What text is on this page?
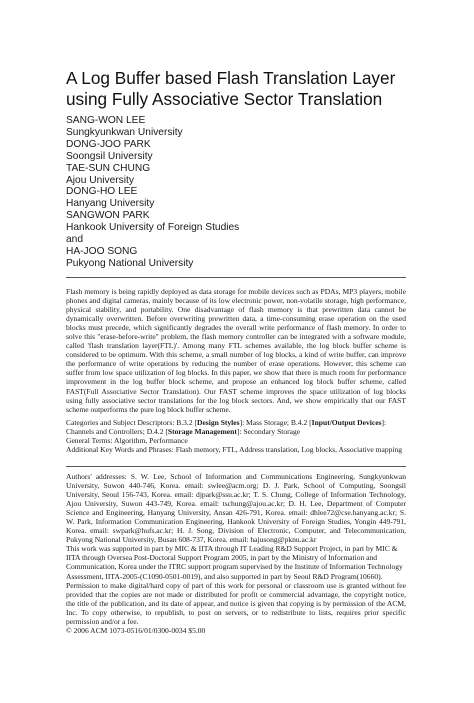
A Log Buffer based Flash Translation Layer using Fully Associative Sector Translation
SANG-WON LEE
Sungkyunkwan University
DONG-JOO PARK
Soongsil University
TAE-SUN CHUNG
Ajou University
DONG-HO LEE
Hanyang University
SANGWON PARK
Hankook University of Foreign Studies
and
HA-JOO SONG
Pukyong National University
Flash memory is being rapidly deployed as data storage for mobile devices such as PDAs, MP3 players, mobile phones and digital cameras, mainly because of its low electronic power, non-volatile storage, high performance, physical stability, and portability. One disadvantage of flash memory is that prewritten data cannot be dynamically overwritten. Before overwriting prewritten data, a time-consuming erase operation on the used blocks must precede, which significantly degrades the overall write performance of flash memory. In order to solve this "erase-before-write" problem, the flash memory controller can be integrated with a software module, called 'flash translation layer(FTL)'. Among many FTL schemes available, the log block buffer scheme is considered to be optimum. With this scheme, a small number of log blocks, a kind of write buffer, can improve the performance of write operations by reducing the number of erase operations. However, this scheme can suffer from low space utilization of log blocks. In this paper, we show that there is much room for performance improvement in the log buffer block scheme, and propose an enhanced log block buffer scheme, called FAST(Full Associative Sector Translation). Our FAST scheme improves the space utilization of log blocks using fully associative sector translations for the log block sectors. And, we show empirically that our FAST scheme outperforms the pure log block buffer scheme.
Categories and Subject Descriptors: B.3.2 [Design Styles]: Mass Storage; B.4.2 [Input/Output Devices]:
Channels and Controllers; D.4.2 [Storage Management]: Secondary Storage
General Terms: Algorithm, Performance
Additional Key Words and Phrases: Flash memory, FTL, Address translation, Log blocks, Associative mapping

Authors' addresses: S. W. Lee, School of Information and Communications Engineering, Sungkyunkwan University, Suwon 440-746, Korea. email: swlee@acm.org; D. J. Park, School of Computing, Soongsil University, Seoul 156-743, Korea. email: djpark@ssu.ac.kr; T. S. Chung, College of Information Technology, Ajou University, Suwon 443-749, Korea. email: tschung@ajou.ac.kr; D. H. Lee, Department of Computer Science and Engineering, Hanyang University, Ansan 426-791, Korea. email: dhlee72@cse.hanyang.ac.kr; S. W. Park, Information Communication Engineering, Hankook University of Foreign Studies, Yongin 449-791, Korea. email: swpark@hufs.ac.kr; H. J. Song, Division of Electronic, Computer, and Telecommunication, Pukyong National University, Busan 608-737, Korea. email: hajusong@pknu.ac.kr

This work was supported in part by MIC & IITA through IT Leading R&D Support Project, in part by MIC & IITA through Oversea Post-Doctoral Support Program 2005, in part by the Ministry of Information and Communication, Korea under the ITRC support program supervised by the Institute of Information Technology Assessment, IITA-2005-(C1090-0501-0019), and also supported in part by Seoul R&D Program(10660).

Permission to make digital/hard copy of part of this work for personal or classroom use is granted without fee provided that the copies are not made or distributed for profit or commercial advantage, the copyright notice, the title of the publication, and its date of appear, and notice is given that copying is by permission of the ACM, Inc. To copy otherwise, to republish, to post on servers, or to redistribute to lists, requires prior specific permission and/or a fee.

© 2006 ACM 1073-0516/01/0300-0034 $5.00
